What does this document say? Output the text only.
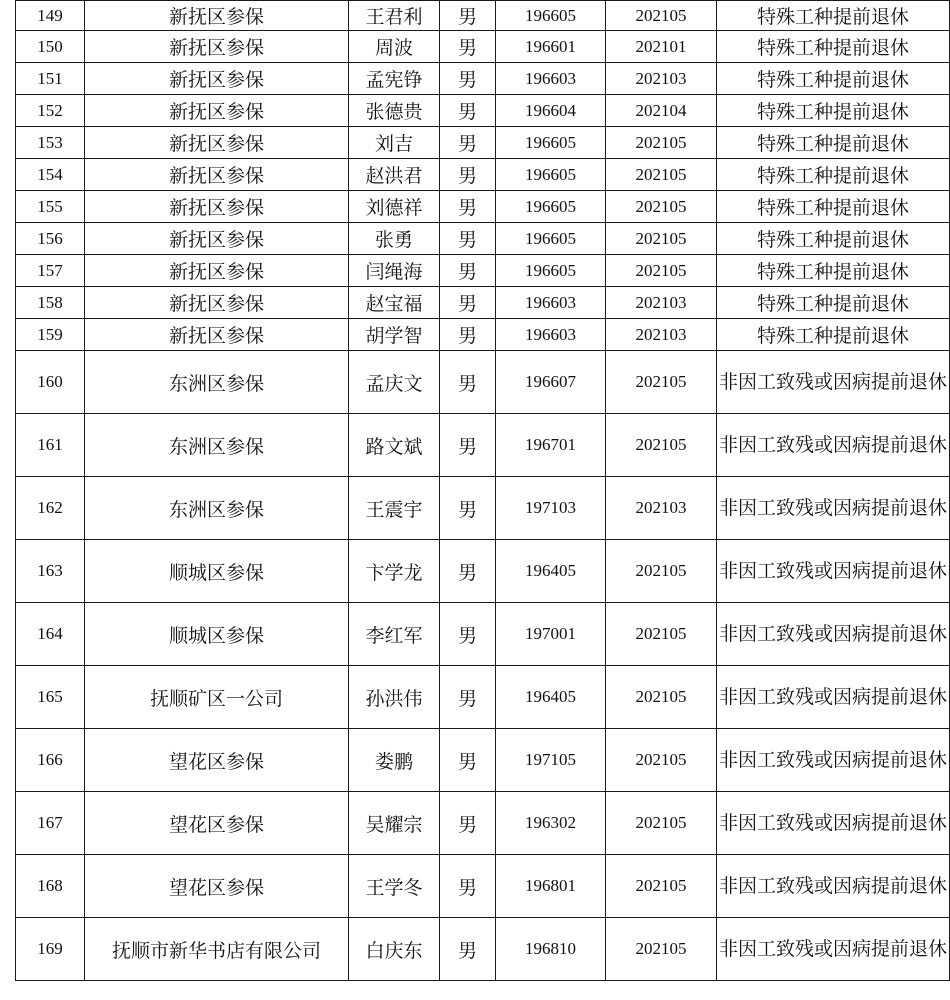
149	新抚区参保	王君利	男	196605	202105	特殊工种提前退休
150	新抚区参保	周波	男	196601	202101	特殊工种提前退休
151	新抚区参保	孟宪铮	男	196603	202103	特殊工种提前退休
152	新抚区参保	张德贵	男	196604	202104	特殊工种提前退休
153	新抚区参保	刘吉	男	196605	202105	特殊工种提前退休
154	新抚区参保	赵洪君	男	196605	202105	特殊工种提前退休
155	新抚区参保	刘德祥	男	196605	202105	特殊工种提前退休
156	新抚区参保	张勇	男	196605	202105	特殊工种提前退休
157	新抚区参保	闫绳海	男	196605	202105	特殊工种提前退休
158	新抚区参保	赵宝福	男	196603	202103	特殊工种提前退休
159	新抚区参保	胡学智	男	196603	202103	特殊工种提前退休
160	东洲区参保	孟庆文	男	196607	202105	非因工致残或因病提前退休

161	东洲区参保	路文斌	男	196701	202105	非因工致残或因病提前退休

162	东洲区参保	王震宇	男	197103	202103	非因工致残或因病提前退休

163	顺城区参保	卞学龙	男	196405	202105	非因工致残或因病提前退休

164	顺城区参保	李红军	男	197001	202105	非因工致残或因病提前退休

165	抚顺矿区一公司	孙洪伟	男	196405	202105	非因工致残或因病提前退休

166	望花区参保	娄鹏	男	197105	202105	非因工致残或因病提前退休

167	望花区参保	吴耀宗	男	196302	202105	非因工致残或因病提前退休

168	望花区参保	王学冬	男	196801	202105	非因工致残或因病提前退休

169	抚顺市新华书店有限公司	白庆东	男	196810	202105	非因工致残或因病提前退休
